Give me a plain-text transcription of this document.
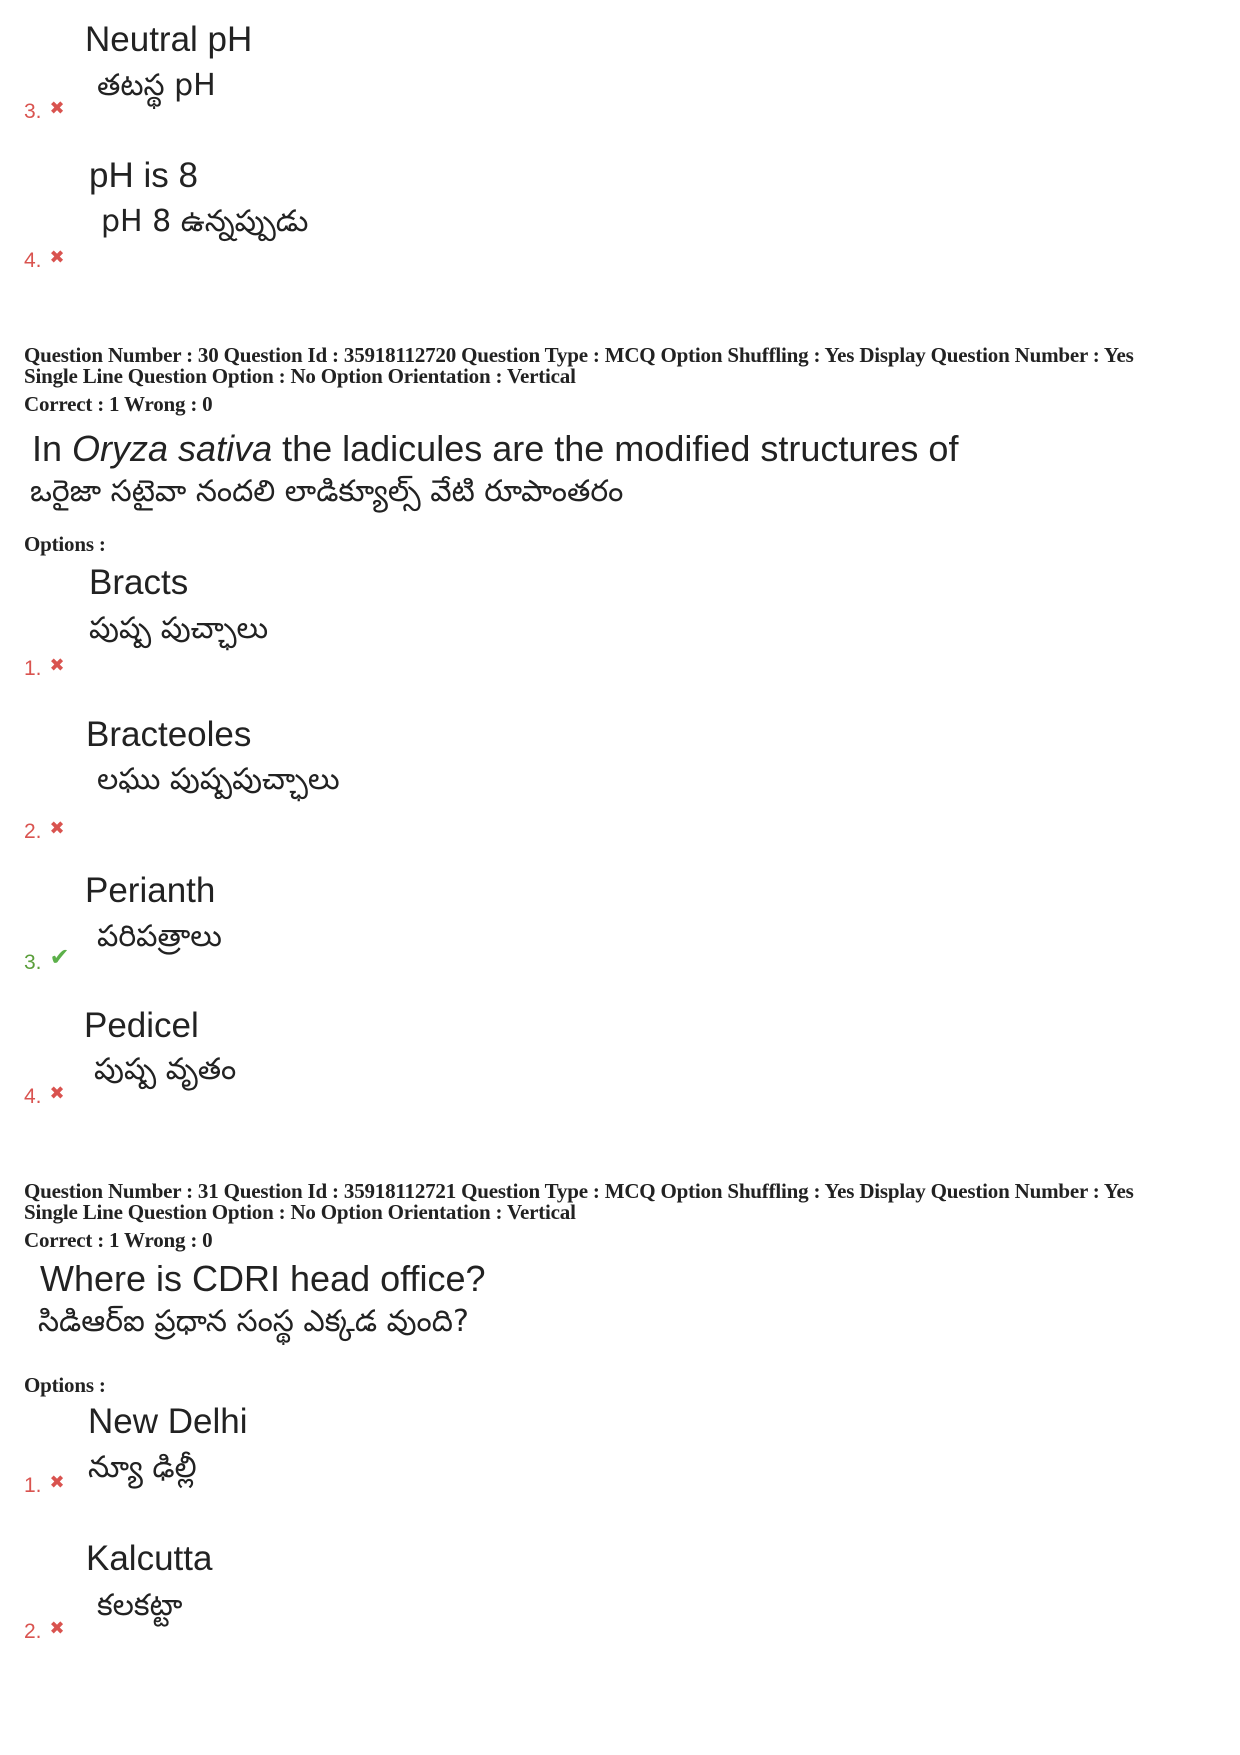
Neutral pH
తటస్థ pH
3. ✖
pH is 8
pH 8 ఉన్నప్పుడు
4. ✖
Question Number : 30 Question Id : 35918112720 Question Type : MCQ Option Shuffling : Yes Display Question Number : Yes
Single Line Question Option : No Option Orientation : Vertical
Correct : 1 Wrong : 0
In Oryza sativa the ladicules are the modified structures of
ఒరైజా సటైవా నందలి లాడిక్యూల్స్ వేటి రూపాంతరం
Options :
Bracts
పుష్ప పుచ్ఛాలు
1. ✖
Bracteoles
లఘు పుష్పపుచ్ఛాలు
2. ✖
Perianth
పరిపత్రాలు
3. ✔
Pedicel
పుష్ప వృతం
4. ✖
Question Number : 31 Question Id : 35918112721 Question Type : MCQ Option Shuffling : Yes Display Question Number : Yes
Single Line Question Option : No Option Orientation : Vertical
Correct : 1 Wrong : 0
Where is CDRI head office?
సిడిఆర్ఐ ప్రధాన సంస్థ ఎక్కడ వుంది?
Options :
New Delhi
న్యూ ఢిల్లీ
1. ✖
Kalcutta
కలకట్టా
2. ✖
